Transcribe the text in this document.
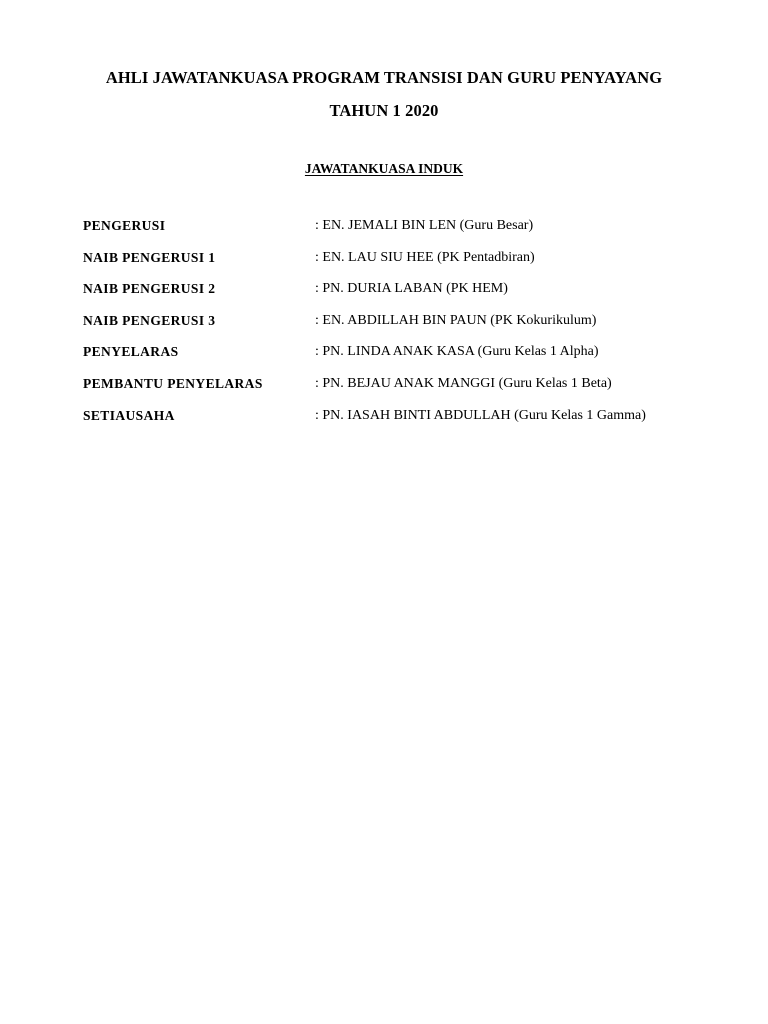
AHLI JAWATANKUASA PROGRAM TRANSISI DAN GURU PENYAYANG
TAHUN 1 2020
JAWATANKUASA INDUK
PENGERUSI	: EN. JEMALI BIN LEN (Guru Besar)
NAIB PENGERUSI 1	: EN. LAU SIU HEE (PK Pentadbiran)
NAIB PENGERUSI 2	: PN. DURIA LABAN (PK HEM)
NAIB PENGERUSI 3	: EN. ABDILLAH BIN PAUN (PK Kokurikulum)
PENYELARAS	: PN. LINDA ANAK KASA (Guru Kelas 1 Alpha)
PEMBANTU PENYELARAS	: PN. BEJAU ANAK MANGGI (Guru Kelas 1 Beta)
SETIAUSAHA	: PN. IASAH BINTI ABDULLAH (Guru Kelas 1 Gamma)
